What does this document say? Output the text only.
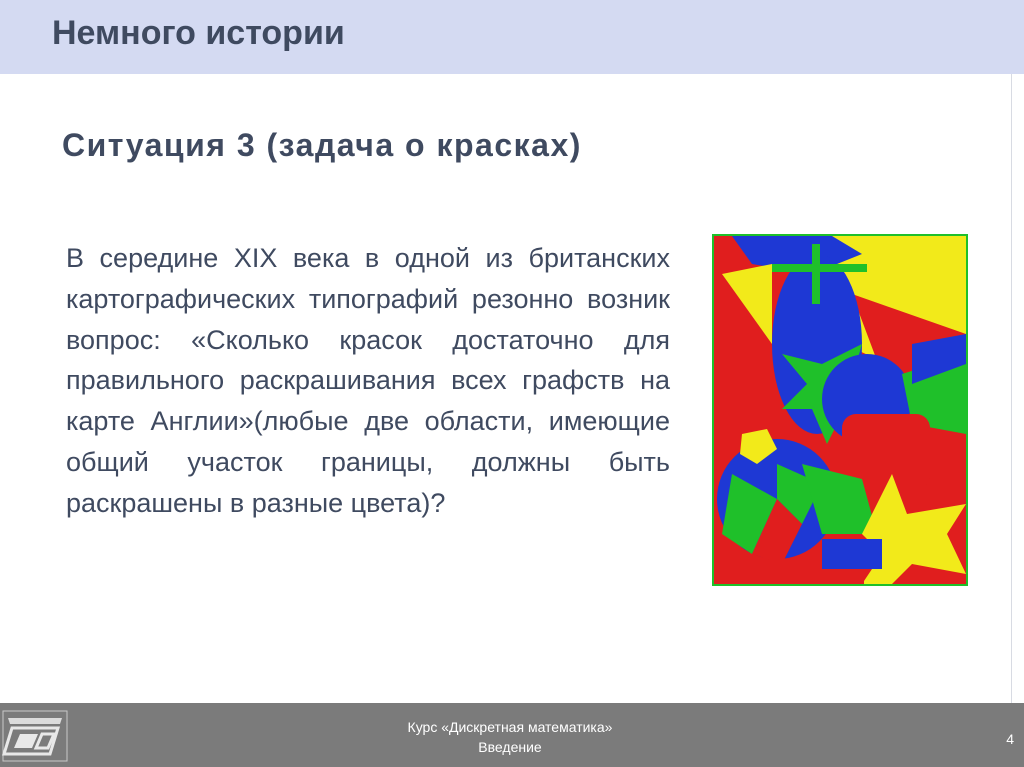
Немного истории
Ситуация 3 (задача о красках)

В середине XIX века в одной из британских картографических типографий резонно возник вопрос: «Сколько красок достаточно для правильного раскрашивания всех графств на карте Англии»(любые две области, имеющие общий участок границы, должны быть раскрашены в разные цвета)?

Курс «Дискретная математика»
Введение	4
